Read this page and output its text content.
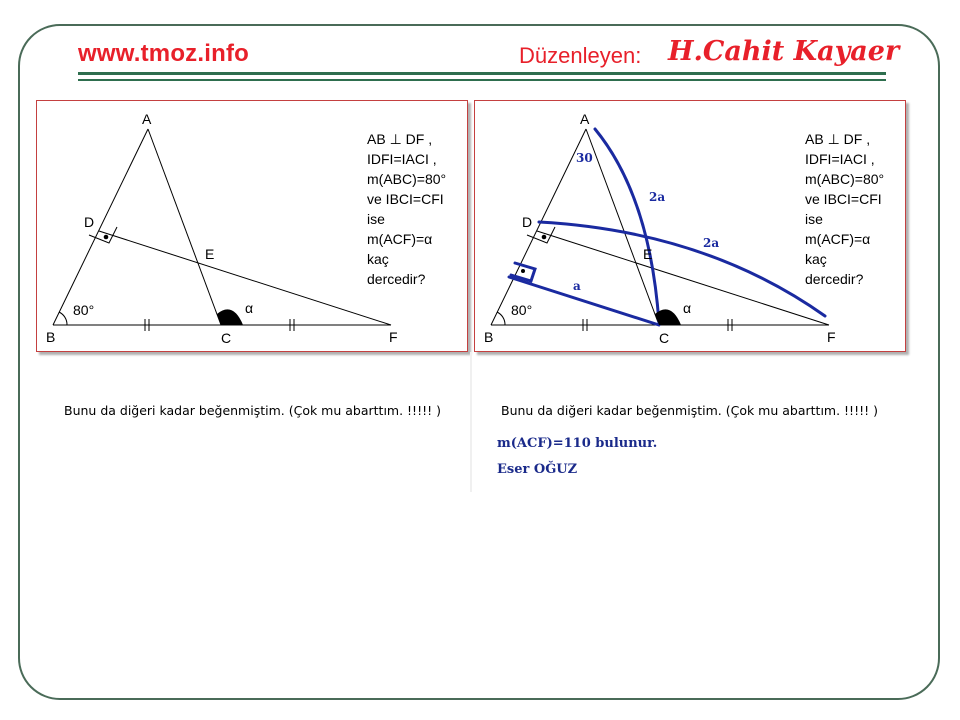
www.tmoz.info	Düzenleyen: H.Cahit Kayaer
A
D
E
B	C	F
80°	α
AB ⊥ DF ,
IDFI=IACI ,
m(ABC)=80°
ve IBCI=CFI
ise
m(ACF)=α
kaç
dercedir?
A
D
E
B	C	F
80°	α
30
2a
2a
a
AB ⊥ DF ,
IDFI=IACI ,
m(ABC)=80°
ve IBCI=CFI
ise
m(ACF)=α
kaç
dercedir?
Bunu da diğeri kadar beğenmiştim. (Çok mu abarttım. !!!!! )	Bunu da diğeri kadar beğenmiştim. (Çok mu abarttım. !!!!! )
m(ACF)=110 bulunur.
Eser OĞUZ
